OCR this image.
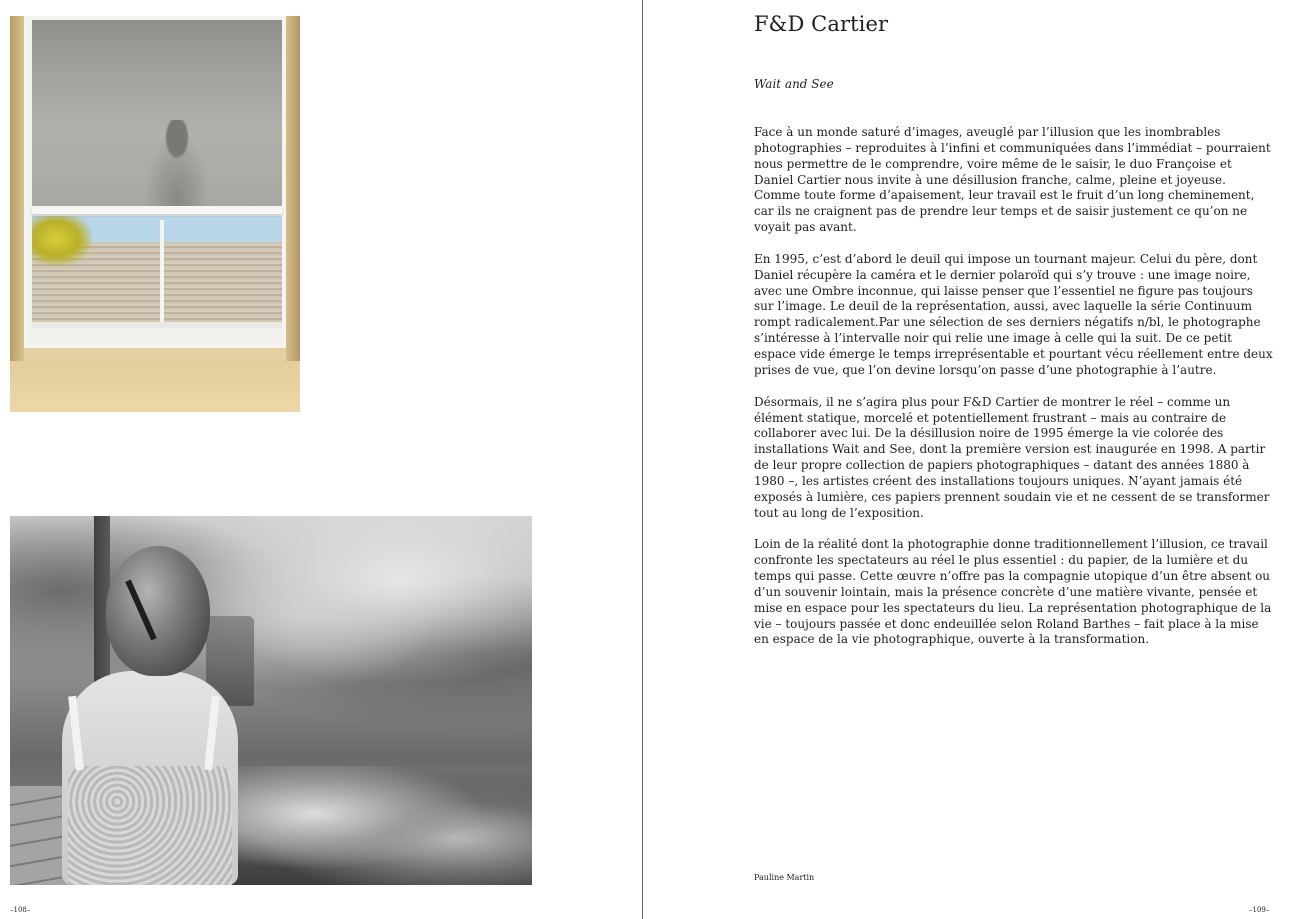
–108–
F&D Cartier
Wait and See

Face à un monde saturé d’images, aveuglé par l’illusion que les inombrables photographies – reproduites à l’infini et communiquées dans l’immédiat – pourraient nous permettre de le comprendre, voire même de le saisir, le duo Françoise et Daniel Cartier nous invite à une désillusion franche, calme, pleine et joyeuse. Comme toute forme d’apaisement, leur travail est le fruit d’un long cheminement, car ils ne craignent pas de prendre leur temps et de saisir justement ce qu’on ne voyait pas avant.

En 1995, c’est d’abord le deuil qui impose un tournant majeur. Celui du père, dont Daniel récupère la caméra et le dernier polaroïd qui s’y trouve : une image noire, avec une Ombre inconnue, qui laisse penser que l’essentiel ne figure pas toujours sur l’image. Le deuil de la représentation, aussi, avec laquelle la série Continuum rompt radicalement.Par une sélection de ses derniers négatifs n/bl, le photographe s’intéresse à l’intervalle noir qui relie une image à celle qui la suit. De ce petit espace vide émerge le temps irreprésentable et pourtant vécu réellement entre deux prises de vue, que l’on devine lorsqu’on passe d’une photographie à l’autre.

Désormais, il ne s’agira plus pour F&D Cartier de montrer le réel – comme un élément statique, morcelé et potentiellement frustrant – mais au contraire de collaborer avec lui. De la désillusion noire de 1995 émerge la vie colorée des installations Wait and See, dont la première version est inaugurée en 1998. A partir de leur propre collection de papiers photographiques – datant des années 1880 à 1980 –, les artistes créent des installations toujours uniques. N’ayant jamais été exposés à lumière, ces papiers prennent soudain vie et ne cessent de se transformer tout au long de l’exposition.

Loin de la réalité dont la photographie donne traditionnellement l’illusion, ce travail confronte les spectateurs au réel le plus essentiel : du papier, de la lumière et du temps qui passe. Cette œuvre n’offre pas la compagnie utopique d’un être absent ou d’un souvenir lointain, mais la présence concrète d’une matière vivante, pensée et mise en espace pour les spectateurs du lieu. La représentation photographique de la vie – toujours passée et donc endeuillée selon Roland Barthes – fait place à la mise en espace de la vie photographique, ouverte à la transformation.

Pauline Martin
–109–
